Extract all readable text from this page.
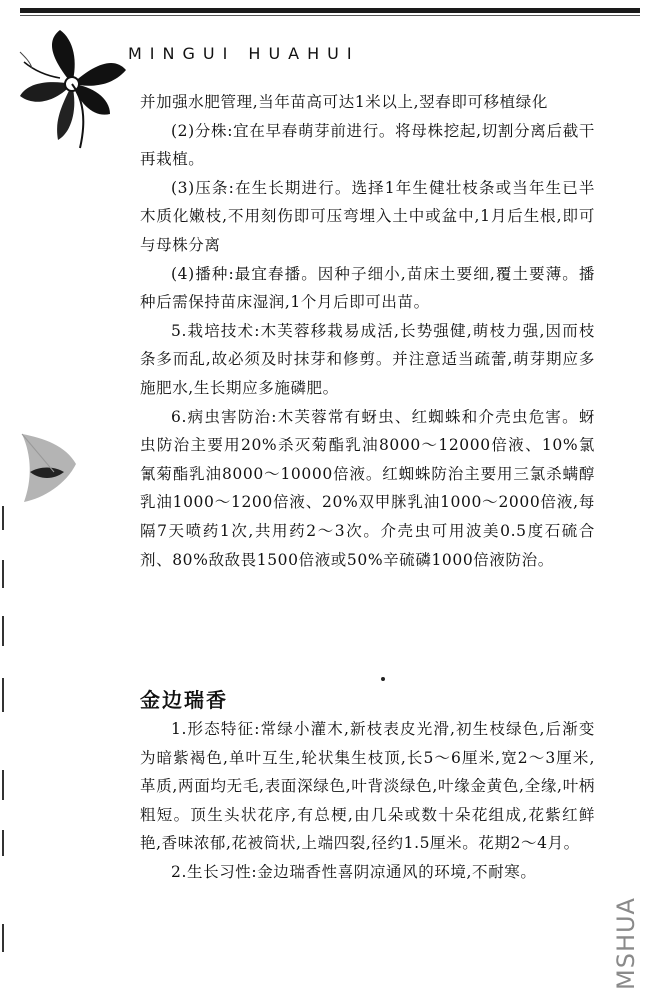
MINGUI HUAHUI

并加强水肥管理,当年苗高可达1米以上,翌春即可移植绿化

(2)分株:宜在早春萌芽前进行。将母株挖起,切割分离后截干再栽植。

(3)压条:在生长期进行。选择1年生健壮枝条或当年生已半木质化嫩枝,不用刻伤即可压弯埋入土中或盆中,1月后生根,即可与母株分离

(4)播种:最宜春播。因种子细小,苗床土要细,覆土要薄。播种后需保持苗床湿润,1个月后即可出苗。

5.栽培技术:木芙蓉移栽易成活,长势强健,萌枝力强,因而枝条多而乱,故必须及时抹芽和修剪。并注意适当疏蕾,萌芽期应多施肥水,生长期应多施磷肥。

6.病虫害防治:木芙蓉常有蚜虫、红蜘蛛和介壳虫危害。蚜虫防治主要用20%杀灭菊酯乳油8000～12000倍液、10%氯氰菊酯乳油8000～10000倍液。红蜘蛛防治主要用三氯杀螨醇乳油1000～1200倍液、20%双甲脒乳油1000～2000倍液,每隔7天喷药1次,共用药2～3次。介壳虫可用波美0.5度石硫合剂、80%敌敌畏1500倍液或50%辛硫磷1000倍液防治。

金边瑞香

1.形态特征:常绿小灌木,新枝表皮光滑,初生枝绿色,后渐变为暗紫褐色,单叶互生,轮状集生枝顶,长5～6厘米,宽2～3厘米,革质,两面均无毛,表面深绿色,叶背淡绿色,叶缘金黄色,全缘,叶柄粗短。顶生头状花序,有总梗,由几朵或数十朵花组成,花紫红鲜艳,香味浓郁,花被筒状,上端四裂,径约1.5厘米。花期2～4月。

2.生长习性:金边瑞香性喜阴凉通风的环境,不耐寒。

MSHUA
